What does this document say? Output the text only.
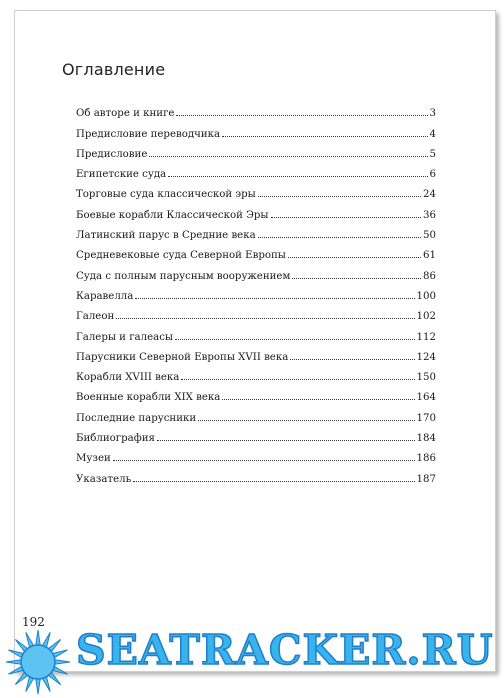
Оглавление
Об авторе и книге	3
Предисловие переводчика	4
Предисловие	5
Египетские суда	6
Торговые суда классической эры	24
Боевые корабли Классической Эры	36
Латинский парус в Средние века	50
Средневековые суда Северной Европы	61
Суда с полным парусным вооружением	86
Каравелла	100
Галеон	102
Галеры и галеасы	112
Парусники Северной Европы XVII века	124
Корабли XVIII века	150
Военные корабли XIX века	164
Последние парусники	170
Библиография	184
Музеи	186
Указатель	187
192
SEATRACKER.RU
